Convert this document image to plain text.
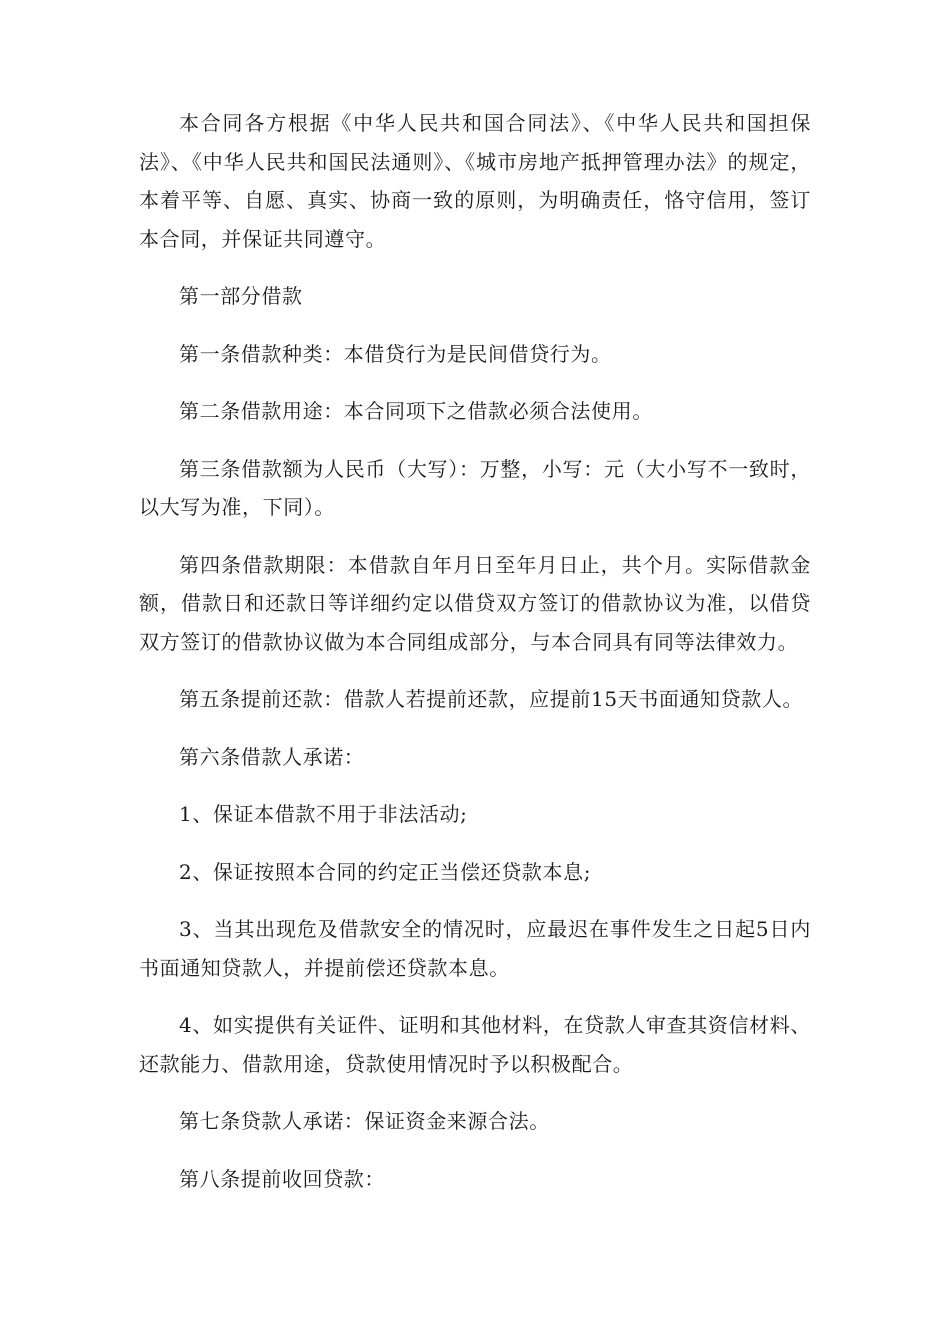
本合同各方根据《中华人民共和国合同法》、《中华人民共和国担保法》、《中华人民共和国民法通则》、《城市房地产抵押管理办法》的规定，本着平等、自愿、真实、协商一致的原则，为明确责任，恪守信用，签订本合同，并保证共同遵守。

第一部分借款

第一条借款种类：本借贷行为是民间借贷行为。

第二条借款用途：本合同项下之借款必须合法使用。

第三条借款额为人民币（大写）：万整，小写：元（大小写不一致时，以大写为准，下同）。

第四条借款期限：本借款自年月日至年月日止，共个月。实际借款金额，借款日和还款日等详细约定以借贷双方签订的借款协议为准，以借贷双方签订的借款协议做为本合同组成部分，与本合同具有同等法律效力。

第五条提前还款：借款人若提前还款，应提前15天书面通知贷款人。

第六条借款人承诺：

1、保证本借款不用于非法活动;

2、保证按照本合同的约定正当偿还贷款本息;

3、当其出现危及借款安全的情况时，应最迟在事件发生之日起5日内书面通知贷款人，并提前偿还贷款本息。

4、如实提供有关证件、证明和其他材料，在贷款人审查其资信材料、还款能力、借款用途，贷款使用情况时予以积极配合。

第七条贷款人承诺：保证资金来源合法。

第八条提前收回贷款：
